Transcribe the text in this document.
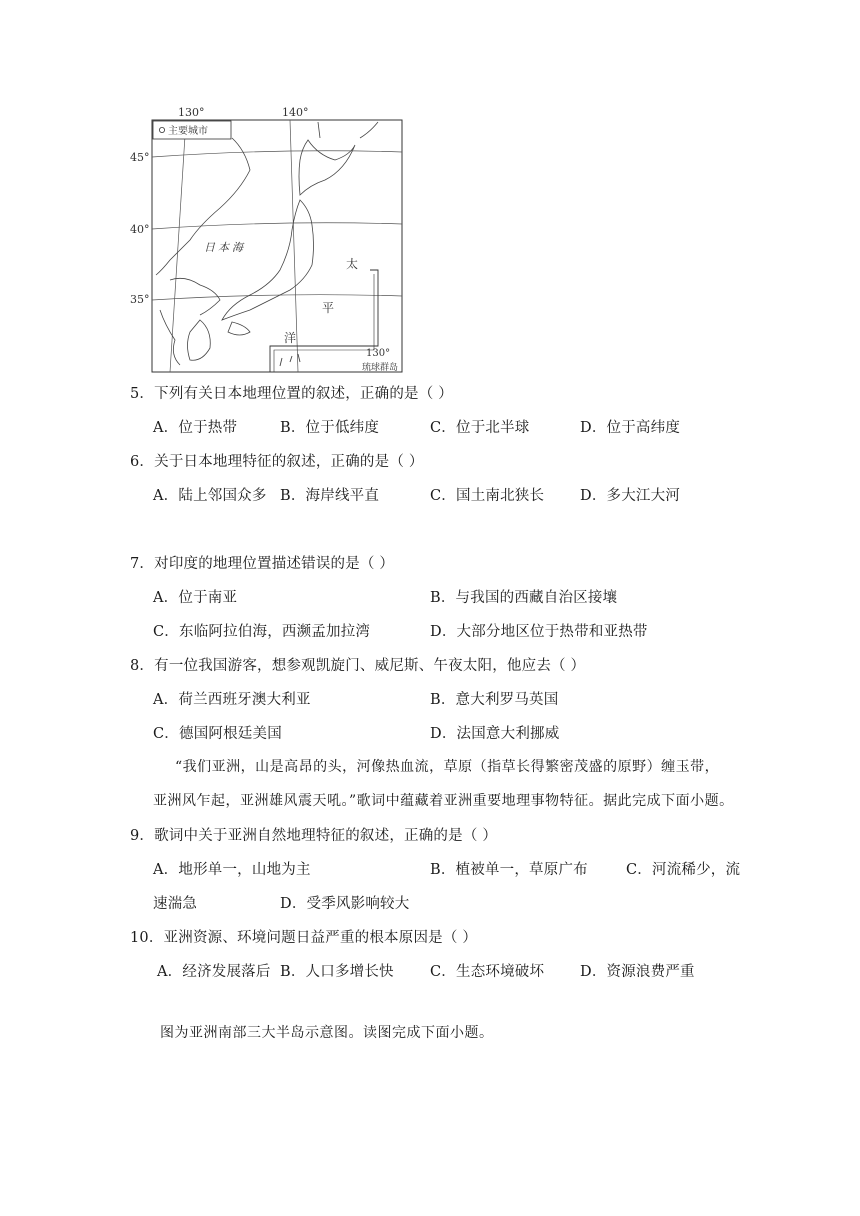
130°	140°
45°
40°
35°
主要城市
日本海
太
平
洋
130°
琉球群岛
5．下列有关日本地理位置的叙述，正确的是（ ）
A．位于热带	B．位于低纬度	C．位于北半球	D．位于高纬度
6．关于日本地理特征的叙述，正确的是（ ）
A．陆上邻国众多 B．海岸线平直	C．国土南北狭长 D．多大江大河
7．对印度的地理位置描述错误的是（ ）
A．位于南亚	B．与我国的西藏自治区接壤
C．东临阿拉伯海，西濒孟加拉湾	D．大部分地区位于热带和亚热带
8．有一位我国游客，想参观凯旋门、威尼斯、午夜太阳，他应去（ ）
A．荷兰西班牙澳大利亚	B．意大利罗马英国
C．德国阿根廷美国	D．法国意大利挪威
“我们亚洲，山是高昂的头，河像热血流，草原（指草长得繁密茂盛的原野）缠玉带，
亚洲风乍起，亚洲雄风震天吼。”歌词中蕴藏着亚洲重要地理事物特征。据此完成下面小题。
9．歌词中关于亚洲自然地理特征的叙述，正确的是（ ）
A．地形单一，山地为主	B．植被单一，草原广布	C．河流稀少，流
速湍急	D．受季风影响较大
10．亚洲资源、环境问题日益严重的根本原因是（ ）
A．经济发展落后 B．人口多增长快 C．生态环境破坏 D．资源浪费严重
图为亚洲南部三大半岛示意图。读图完成下面小题。
